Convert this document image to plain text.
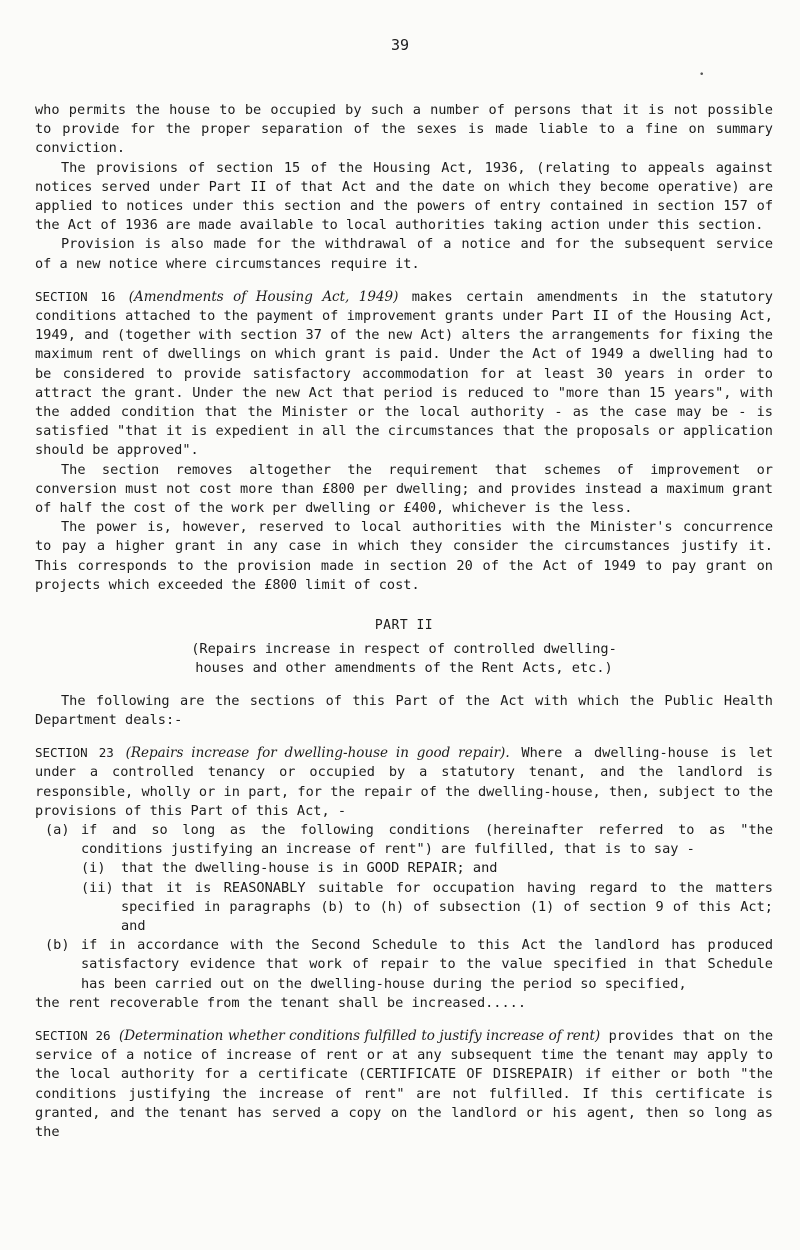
39
•

who permits the house to be occupied by such a number of persons that it is not possible to provide for the proper separation of the sexes is made liable to a fine on summary conviction.

The provisions of section 15 of the Housing Act, 1936, (relating to appeals against notices served under Part II of that Act and the date on which they become operative) are applied to notices under this section and the powers of entry contained in section 157 of the Act of 1936 are made available to local authorities taking action under this section.

Provision is also made for the withdrawal of a notice and for the subsequent service of a new notice where circumstances require it.

SECTION 16 (Amendments of Housing Act, 1949) makes certain amendments in the statutory conditions attached to the payment of improvement grants under Part II of the Housing Act, 1949, and (together with section 37 of the new Act) alters the arrangements for fixing the maximum rent of dwellings on which grant is paid. Under the Act of 1949 a dwelling had to be considered to provide satisfactory accommodation for at least 30 years in order to attract the grant. Under the new Act that period is reduced to "more than 15 years", with the added condition that the Minister or the local authority - as the case may be - is satisfied "that it is expedient in all the circumstances that the proposals or application should be approved".

The section removes altogether the requirement that schemes of improvement or conversion must not cost more than £800 per dwelling; and provides instead a maximum grant of half the cost of the work per dwelling or £400, whichever is the less.

The power is, however, reserved to local authorities with the Minister's concurrence to pay a higher grant in any case in which they consider the circumstances justify it. This corresponds to the provision made in section 20 of the Act of 1949 to pay grant on projects which exceeded the £800 limit of cost.

PART II

(Repairs increase in respect of controlled dwelling-houses and other amendments of the Rent Acts, etc.)

The following are the sections of this Part of the Act with which the Public Health Department deals:-

SECTION 23 (Repairs increase for dwelling-house in good repair). Where a dwelling-house is let under a controlled tenancy or occupied by a statutory tenant, and the landlord is responsible, wholly or in part, for the repair of the dwelling-house, then, subject to the provisions of this Part of this Act, -

(a) if and so long as the following conditions (hereinafter referred to as "the conditions justifying an increase of rent") are fulfilled, that is to say -
(i)	that the dwelling-house is in GOOD REPAIR; and
(ii) that it is REASONABLY suitable for occupation having regard to the matters specified in paragraphs (b) to (h) of subsection (1) of section 9 of this Act; and
(b) if in accordance with the Second Schedule to this Act the landlord has produced satisfactory evidence that work of repair to the value specified in that Schedule has been carried out on the dwelling-house during the period so specified,

the rent recoverable from the tenant shall be increased.....

SECTION 26 (Determination whether conditions fulfilled to justify increase of rent) provides that on the service of a notice of increase of rent or at any subsequent time the tenant may apply to the local authority for a certificate (CERTIFICATE OF DISREPAIR) if either or both "the conditions justifying the increase of rent" are not fulfilled. If this certificate is granted, and the tenant has served a copy on the landlord or his agent, then so long as the
